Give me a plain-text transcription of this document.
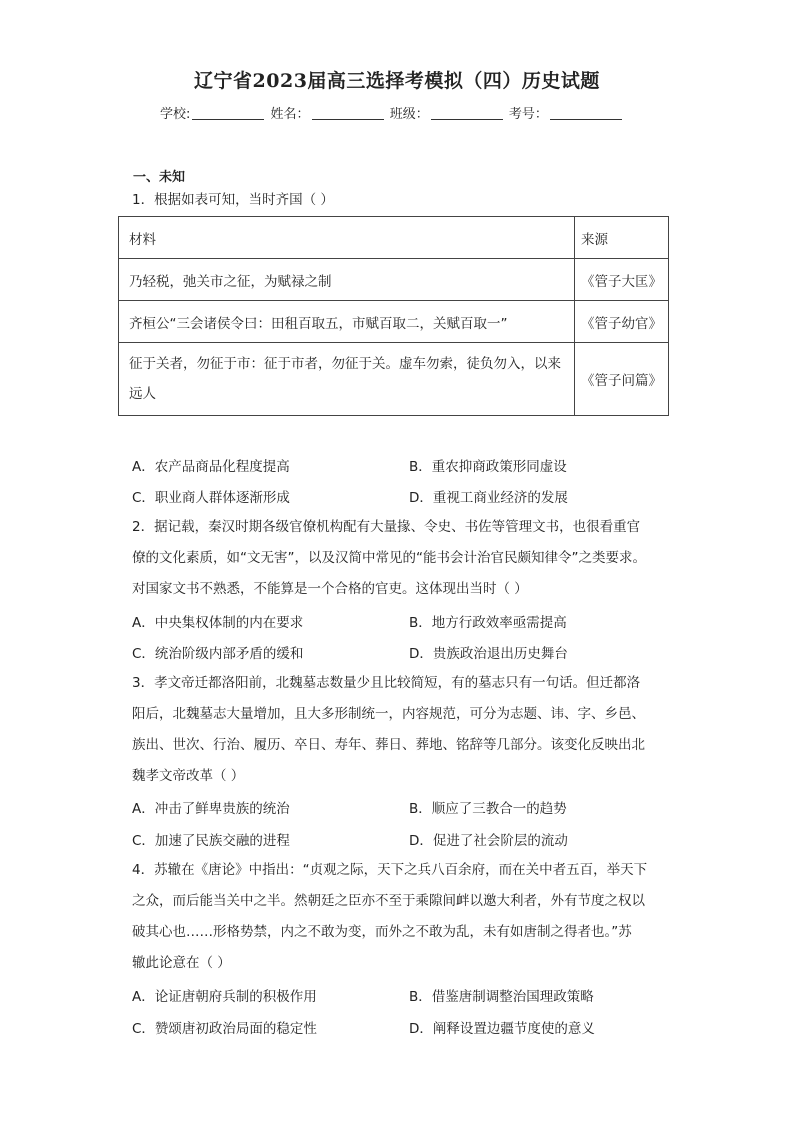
辽宁省2023届高三选择考模拟（四）历史试题
学校:	姓名：	班级：	考号：
一、未知
1．根据如表可知，当时齐国（ ）
材料	来源
乃轻税，弛关市之征，为赋禄之制	《管子大匡》
齐桓公“三会诸侯令曰：田租百取五，市赋百取二，关赋百取一”	《管子幼官》
征于关者，勿征于市：征于市者，勿征于关。虚车勿索，徒负勿入，以来远人	《管子问篇》
A．农产品商品化程度提高	B．重农抑商政策形同虚设
C．职业商人群体逐渐形成	D．重视工商业经济的发展
2．据记载，秦汉时期各级官僚机构配有大量掾、令史、书佐等管理文书，也很看重官
僚的文化素质，如“文无害”，以及汉简中常见的“能书会计治官民颇知律令”之类要求。
对国家文书不熟悉，不能算是一个合格的官吏。这体现出当时（ ）
A．中央集权体制的内在要求	B．地方行政效率亟需提高
C．统治阶级内部矛盾的缓和	D．贵族政治退出历史舞台
3．孝文帝迁都洛阳前，北魏墓志数量少且比较简短，有的墓志只有一句话。但迁都洛
阳后，北魏墓志大量增加，且大多形制统一，内容规范，可分为志题、讳、字、乡邑、
族出、世次、行治、履历、卒日、寿年、葬日、葬地、铭辞等几部分。该变化反映出北
魏孝文帝改革（ ）
A．冲击了鲜卑贵族的统治	B．顺应了三教合一的趋势
C．加速了民族交融的进程	D．促进了社会阶层的流动
4．苏辙在《唐论》中指出：“贞观之际，天下之兵八百余府，而在关中者五百，举天下
之众，而后能当关中之半。然朝廷之臣亦不至于乘隙间衅以邀大利者，外有节度之权以
破其心也……形格势禁，内之不敢为变，而外之不敢为乱，未有如唐制之得者也。”苏
辙此论意在（ ）
A．论证唐朝府兵制的积极作用	B．借鉴唐制调整治国理政策略
C．赞颂唐初政治局面的稳定性	D．阐释设置边疆节度使的意义
